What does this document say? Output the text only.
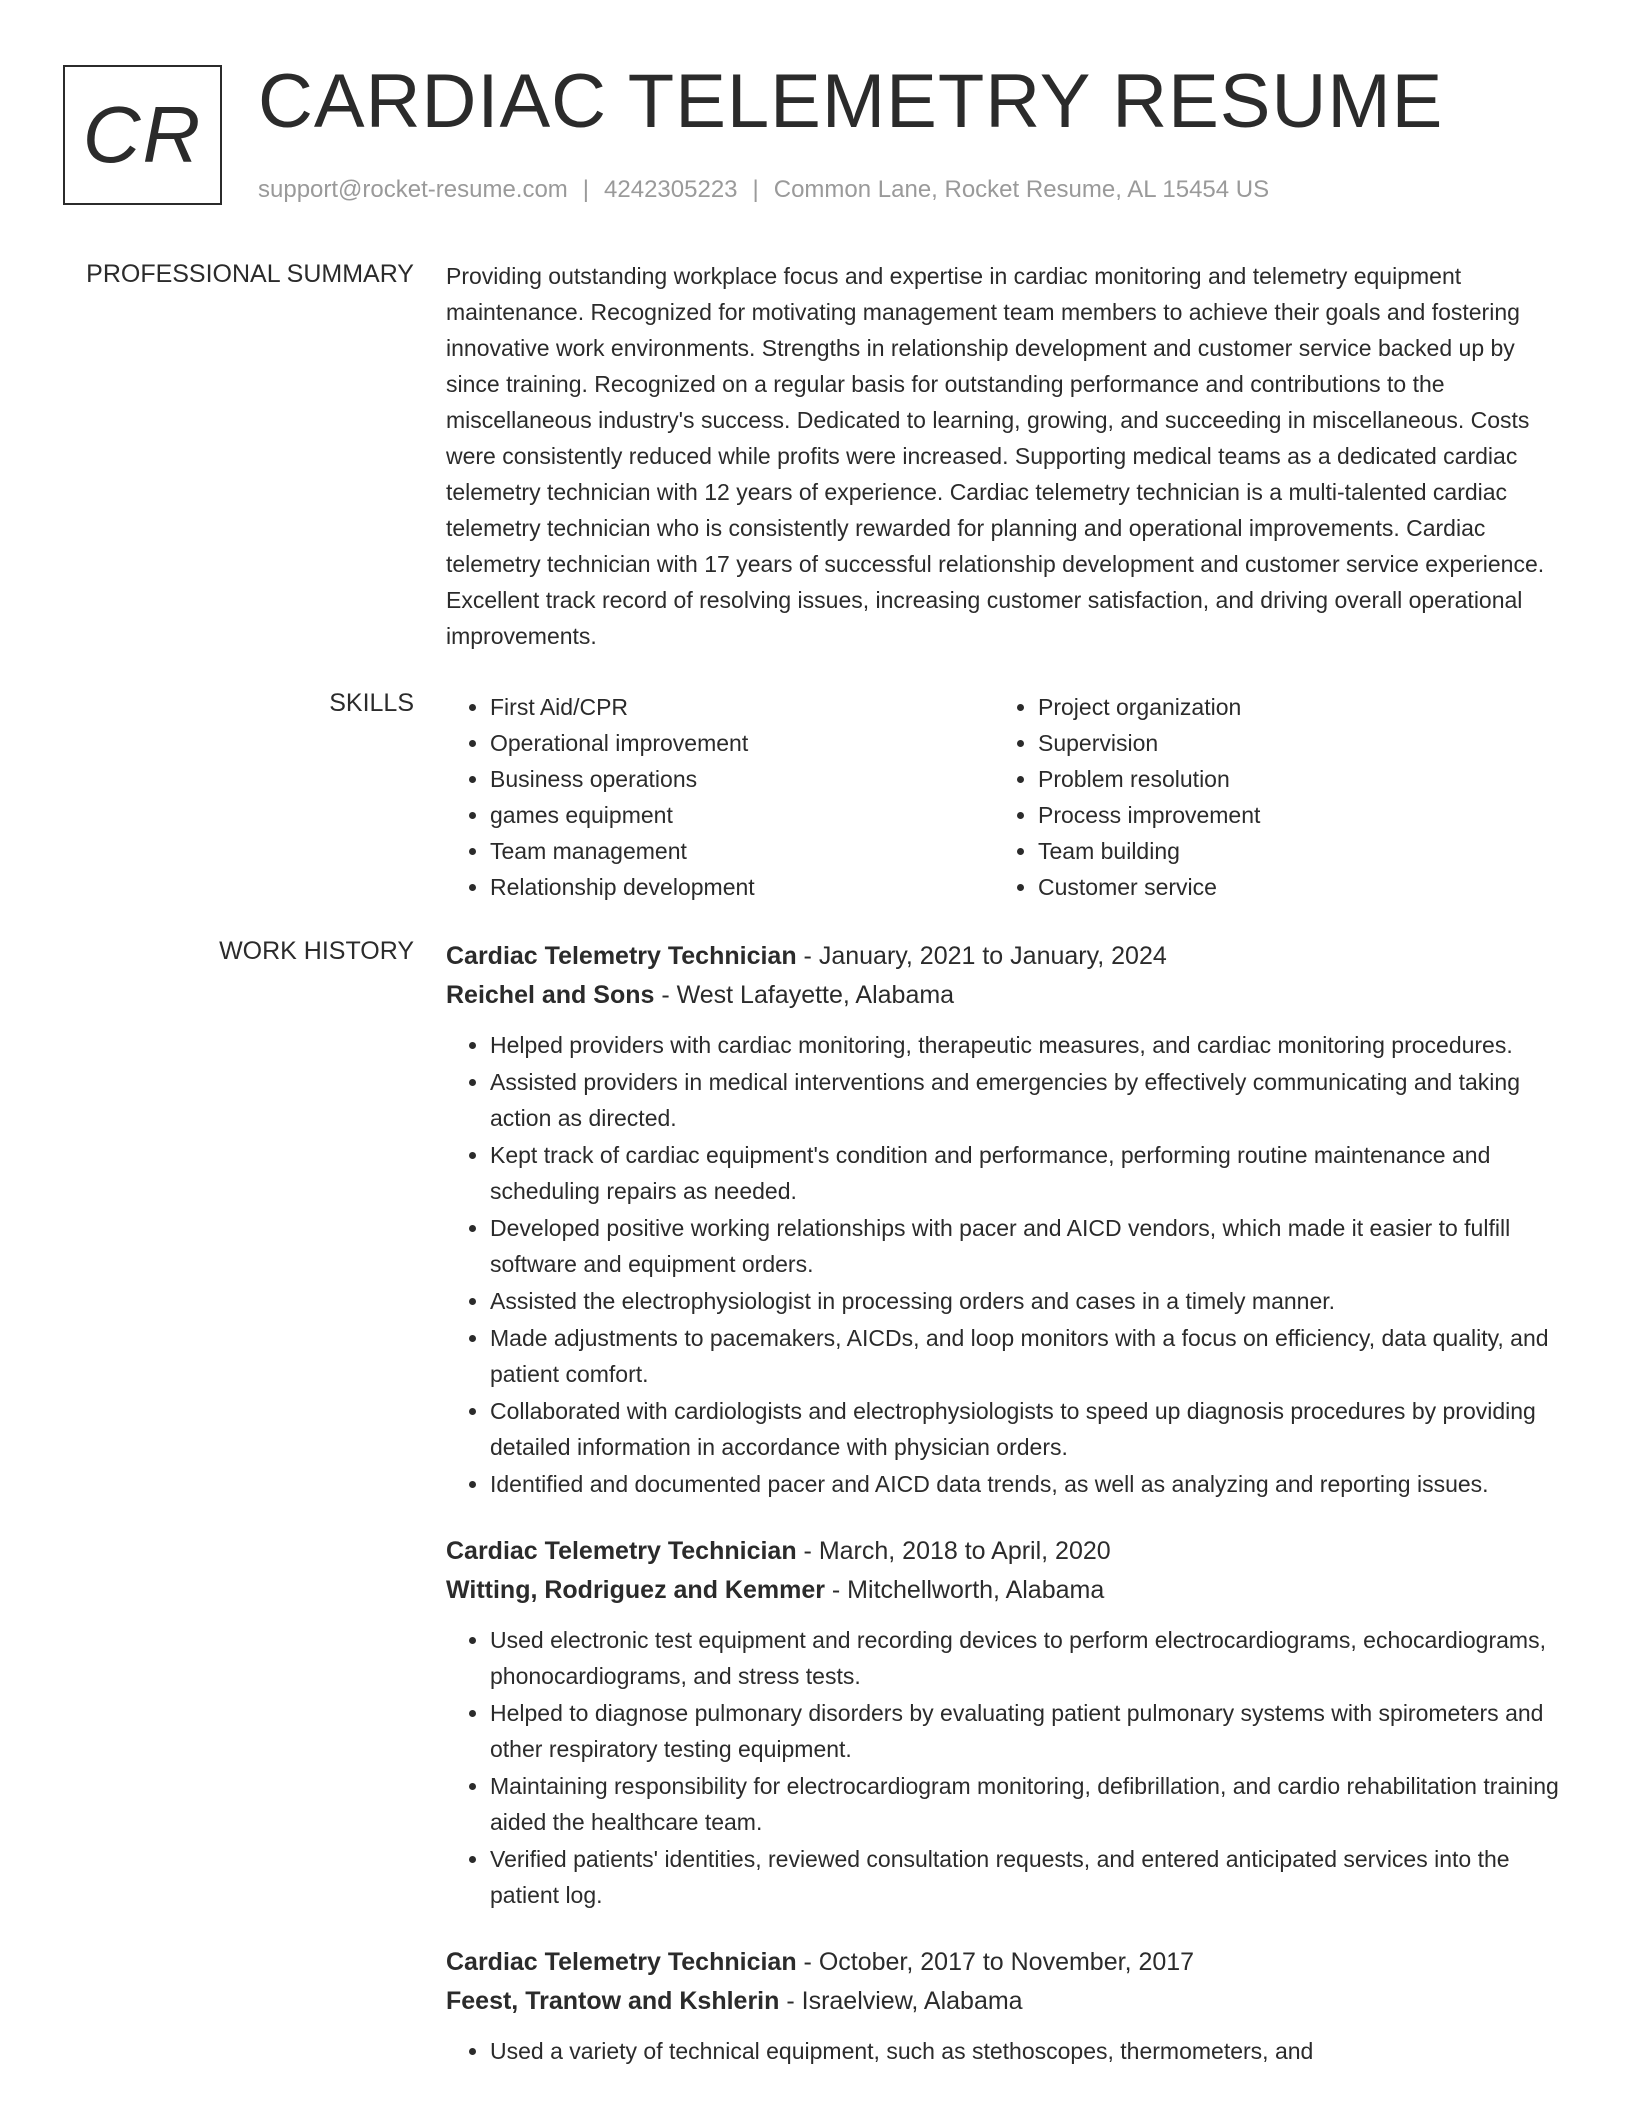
CR CARDIAC TELEMETRY RESUME
support@rocket-resume.com | 4242305223 | Common Lane, Rocket Resume, AL 15454 US
PROFESSIONAL SUMMARY Providing outstanding workplace focus and expertise in cardiac monitoring and telemetry equipment maintenance. Recognized for motivating management team members to achieve their goals and fostering innovative work environments. Strengths in relationship development and customer service backed up by since training. Recognized on a regular basis for outstanding performance and contributions to the miscellaneous industry's success. Dedicated to learning, growing, and succeeding in miscellaneous. Costs were consistently reduced while profits were increased. Supporting medical teams as a dedicated cardiac telemetry technician with 12 years of experience. Cardiac telemetry technician is a multi-talented cardiac telemetry technician who is consistently rewarded for planning and operational improvements. Cardiac telemetry technician with 17 years of successful relationship development and customer service experience. Excellent track record of resolving issues, increasing customer satisfaction, and driving overall operational improvements.

SKILLS
•	First Aid/CPR
• Operational improvement
• Business operations
• games equipment
• Team management
• Relationship development
• Project organization
• Supervision
• Problem resolution
• Process improvement
• Team building
• Customer service
WORK HISTORY Cardiac Telemetry Technician - January, 2021 to January, 2024
Reichel and Sons - West Lafayette, Alabama
• Helped providers with cardiac monitoring, therapeutic measures, and cardiac monitoring procedures.
• Assisted providers in medical interventions and emergencies by effectively communicating and taking action as directed.
• Kept track of cardiac equipment's condition and performance, performing routine maintenance and scheduling repairs as needed.
• Developed positive working relationships with pacer and AICD vendors, which made it easier to fulfill software and equipment orders.
• Assisted the electrophysiologist in processing orders and cases in a timely manner.
• Made adjustments to pacemakers, AICDs, and loop monitors with a focus on efficiency, data quality, and patient comfort.
• Collaborated with cardiologists and electrophysiologists to speed up diagnosis procedures by providing detailed information in accordance with physician orders.
• Identified and documented pacer and AICD data trends, as well as analyzing and reporting issues.
Cardiac Telemetry Technician - March, 2018 to April, 2020
Witting, Rodriguez and Kemmer - Mitchellworth, Alabama
• Used electronic test equipment and recording devices to perform electrocardiograms, echocardiograms, phonocardiograms, and stress tests.
• Helped to diagnose pulmonary disorders by evaluating patient pulmonary systems with spirometers and other respiratory testing equipment.
• Maintaining responsibility for electrocardiogram monitoring, defibrillation, and cardio rehabilitation training aided the healthcare team.
• Verified patients' identities, reviewed consultation requests, and entered anticipated services into the patient log.
Cardiac Telemetry Technician - October, 2017 to November, 2017
Feest, Trantow and Kshlerin - Israelview, Alabama
• Used a variety of technical equipment, such as stethoscopes, thermometers, and
